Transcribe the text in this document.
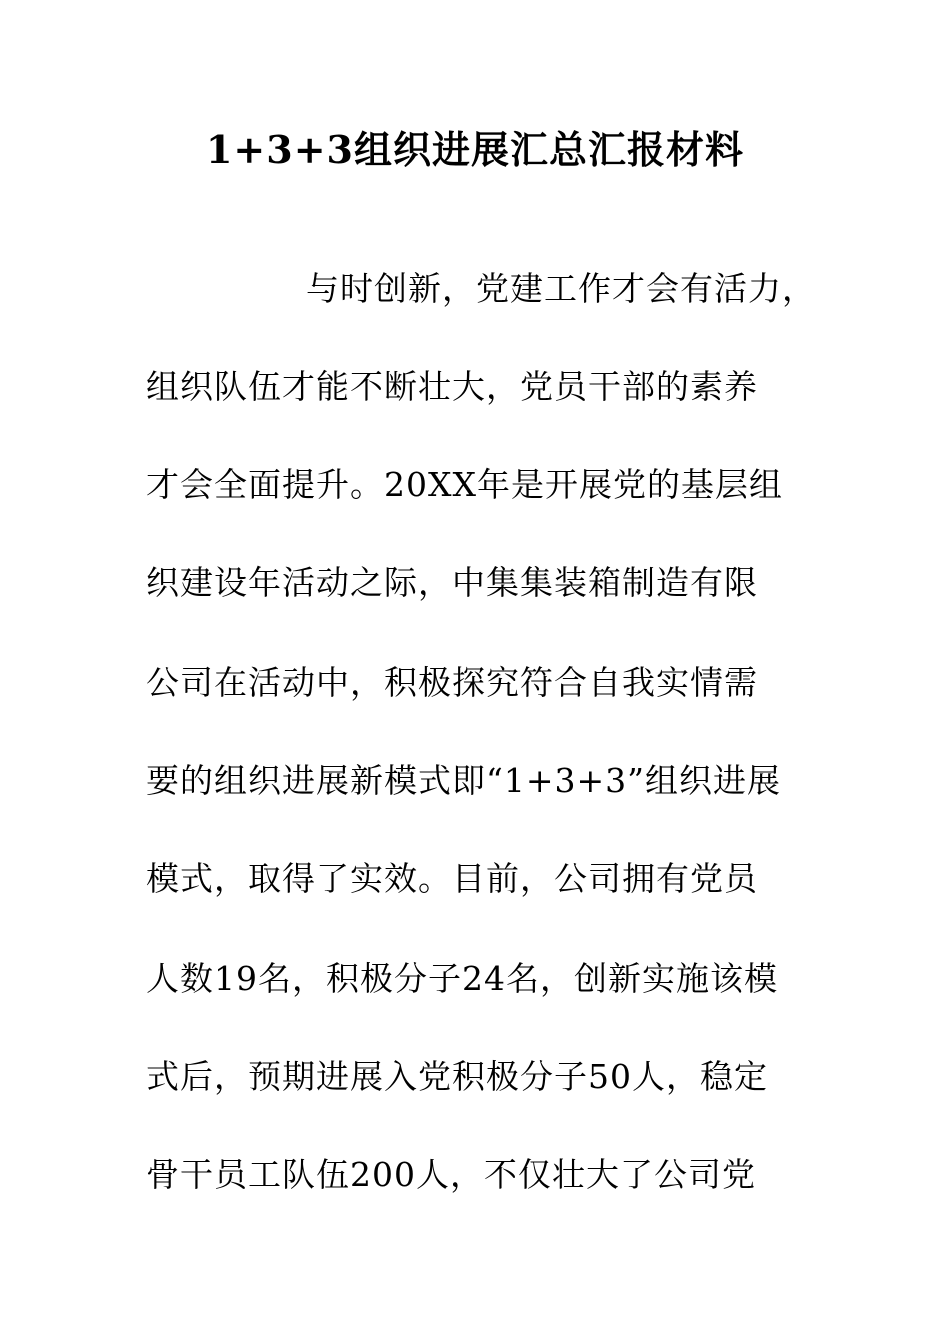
1+3+3组织进展汇总汇报材料
与时创新，党建工作才会有活力，
组织队伍才能不断壮大，党员干部的素养
才会全面提升。20XX年是开展党的基层组
织建设年活动之际，中集集装箱制造有限
公司在活动中，积极探究符合自我实情需
要的组织进展新模式即“1+3+3”组织进展
模式，取得了实效。目前，公司拥有党员
人数19名，积极分子24名，创新实施该模
式后，预期进展入党积极分子50人，稳定
骨干员工队伍200人，不仅壮大了公司党
